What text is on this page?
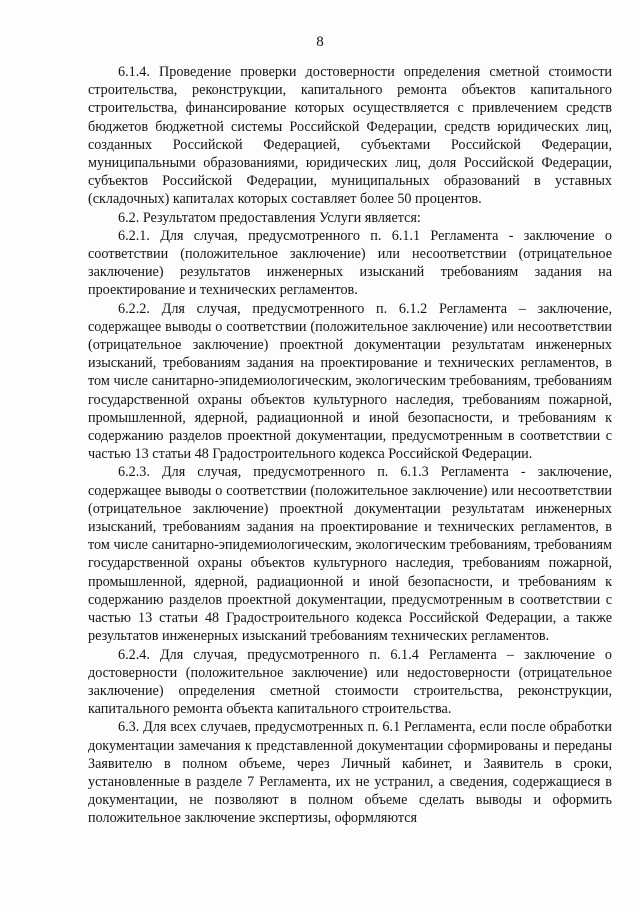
8

6.1.4. Проведение проверки достоверности определения сметной стоимости строительства, реконструкции, капитального ремонта объектов капитального строительства, финансирование которых осуществляется с привлечением средств бюджетов бюджетной системы Российской Федерации, средств юридических лиц, созданных Российской Федерацией, субъектами Российской Федерации, муниципальными образованиями, юридических лиц, доля Российской Федерации, субъектов Российской Федерации, муниципальных образований в уставных (складочных) капиталах которых составляет более 50 процентов.

6.2. Результатом предоставления Услуги является:

6.2.1. Для случая, предусмотренного п. 6.1.1 Регламента - заключение о соответствии (положительное заключение) или несоответствии (отрицательное заключение) результатов инженерных изысканий требованиям задания на проектирование и технических регламентов.

6.2.2. Для случая, предусмотренного п. 6.1.2 Регламента – заключение, содержащее выводы о соответствии (положительное заключение) или несоответствии (отрицательное заключение) проектной документации результатам инженерных изысканий, требованиям задания на проектирование и технических регламентов, в том числе санитарно-эпидемиологическим, экологическим требованиям, требованиям государственной охраны объектов культурного наследия, требованиям пожарной, промышленной, ядерной, радиационной и иной безопасности, и требованиям к содержанию разделов проектной документации, предусмотренным в соответствии с частью 13 статьи 48 Градостроительного кодекса Российской Федерации.

6.2.3. Для случая, предусмотренного п. 6.1.3 Регламента - заключение, содержащее выводы о соответствии (положительное заключение) или несоответствии (отрицательное заключение) проектной документации результатам инженерных изысканий, требованиям задания на проектирование и технических регламентов, в том числе санитарно-эпидемиологическим, экологическим требованиям, требованиям государственной охраны объектов культурного наследия, требованиям пожарной, промышленной, ядерной, радиационной и иной безопасности, и требованиям к содержанию разделов проектной документации, предусмотренным в соответствии с частью 13 статьи 48 Градостроительного кодекса Российской Федерации, а также результатов инженерных изысканий требованиям технических регламентов.

6.2.4. Для случая, предусмотренного п. 6.1.4 Регламента – заключение о достоверности (положительное заключение) или недостоверности (отрицательное заключение) определения сметной стоимости строительства, реконструкции, капитального ремонта объекта капитального строительства.

6.3. Для всех случаев, предусмотренных п. 6.1 Регламента, если после обработки документации замечания к представленной документации сформированы и переданы Заявителю в полном объеме, через Личный кабинет, и Заявитель в сроки, установленные в разделе 7 Регламента, их не устранил, а сведения, содержащиеся в документации, не позволяют в полном объеме сделать выводы и оформить положительное заключение экспертизы, оформляются
